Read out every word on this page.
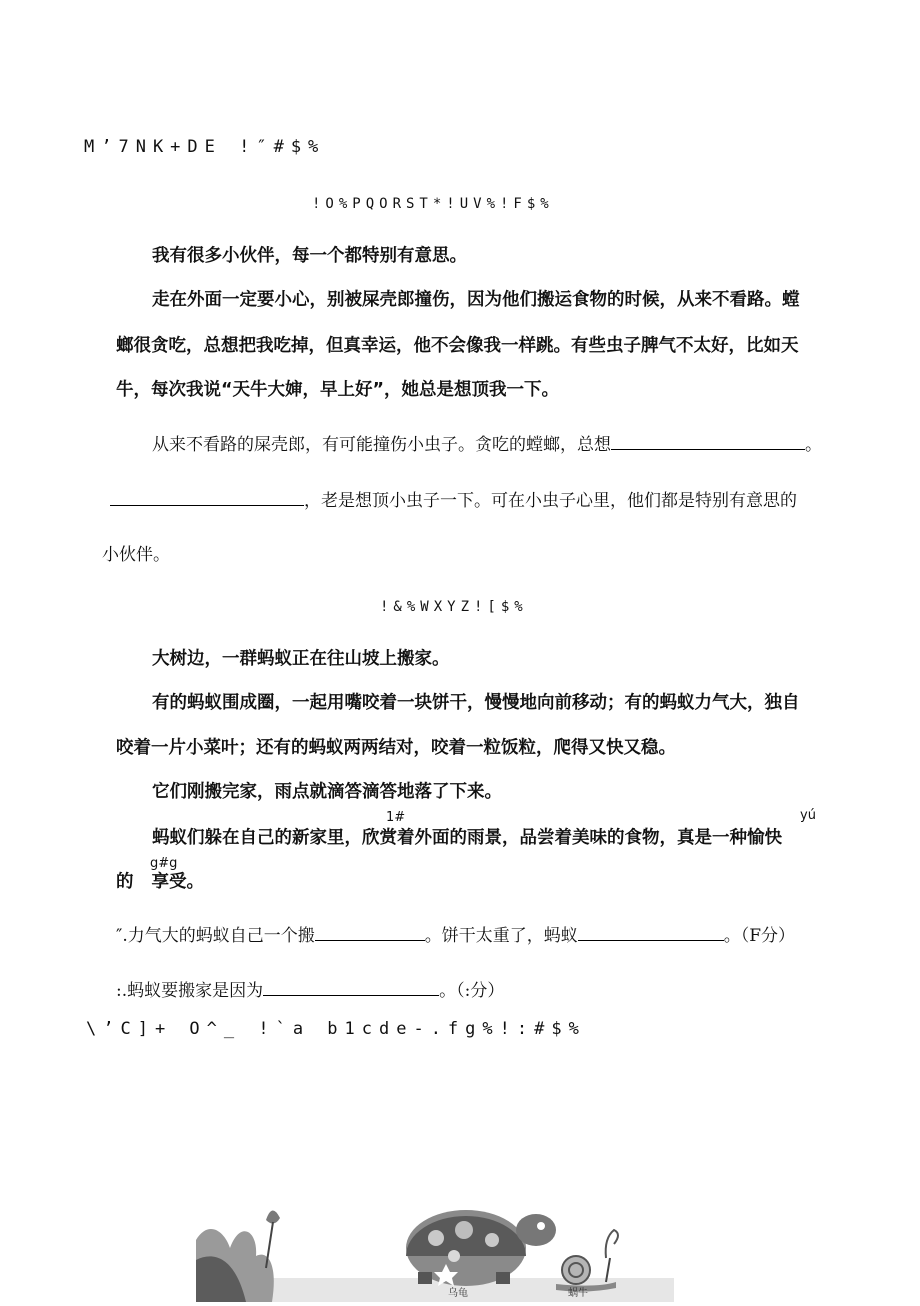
M’7NK+DE !″#$%
!O%PQORST*!UV%!F$%
我有很多小伙伴，每一个都特别有意思。
走在外面一定要小心，别被屎壳郎撞伤，因为他们搬运食物的时候，从来不看路。螳
螂很贪吃，总想把我吃掉，但真幸运，他不会像我一样跳。有些虫子脾气不太好，比如天
牛，每次我说“天牛大婶，早上好”，她总是想顶我一下。
从来不看路的屎壳郎，有可能撞伤小虫子。贪吃的螳螂，总想	。
，老是想顶小虫子一下。可在小虫子心里，他们都是特别有意思的
小伙伴。
!&%WXYZ![$%
大树边，一群蚂蚁正在往山坡上搬家。
有的蚂蚁围成圈，一起用嘴咬着一块饼干，慢慢地向前移动；有的蚂蚁力气大，独自
咬着一片小菜叶；还有的蚂蚁两两结对，咬着一粒饭粒，爬得又快又稳。
它们刚搬完家，雨点就滴答滴答地落了下来。
1#	yú
蚂蚁们躲在自己的新家里，欣赏着外面的雨景，品尝着美味的食物，真是一种愉快
g#g
的 享受。
″.力气大的蚂蚁自己一个搬	。饼干太重了，蚂蚁	。（F分）
:.蚂蚁要搬家是因为	。（:分）
\’C]+ O^_ !`a b1cde-.fg%!:#$%
乌龟	蜗牛
